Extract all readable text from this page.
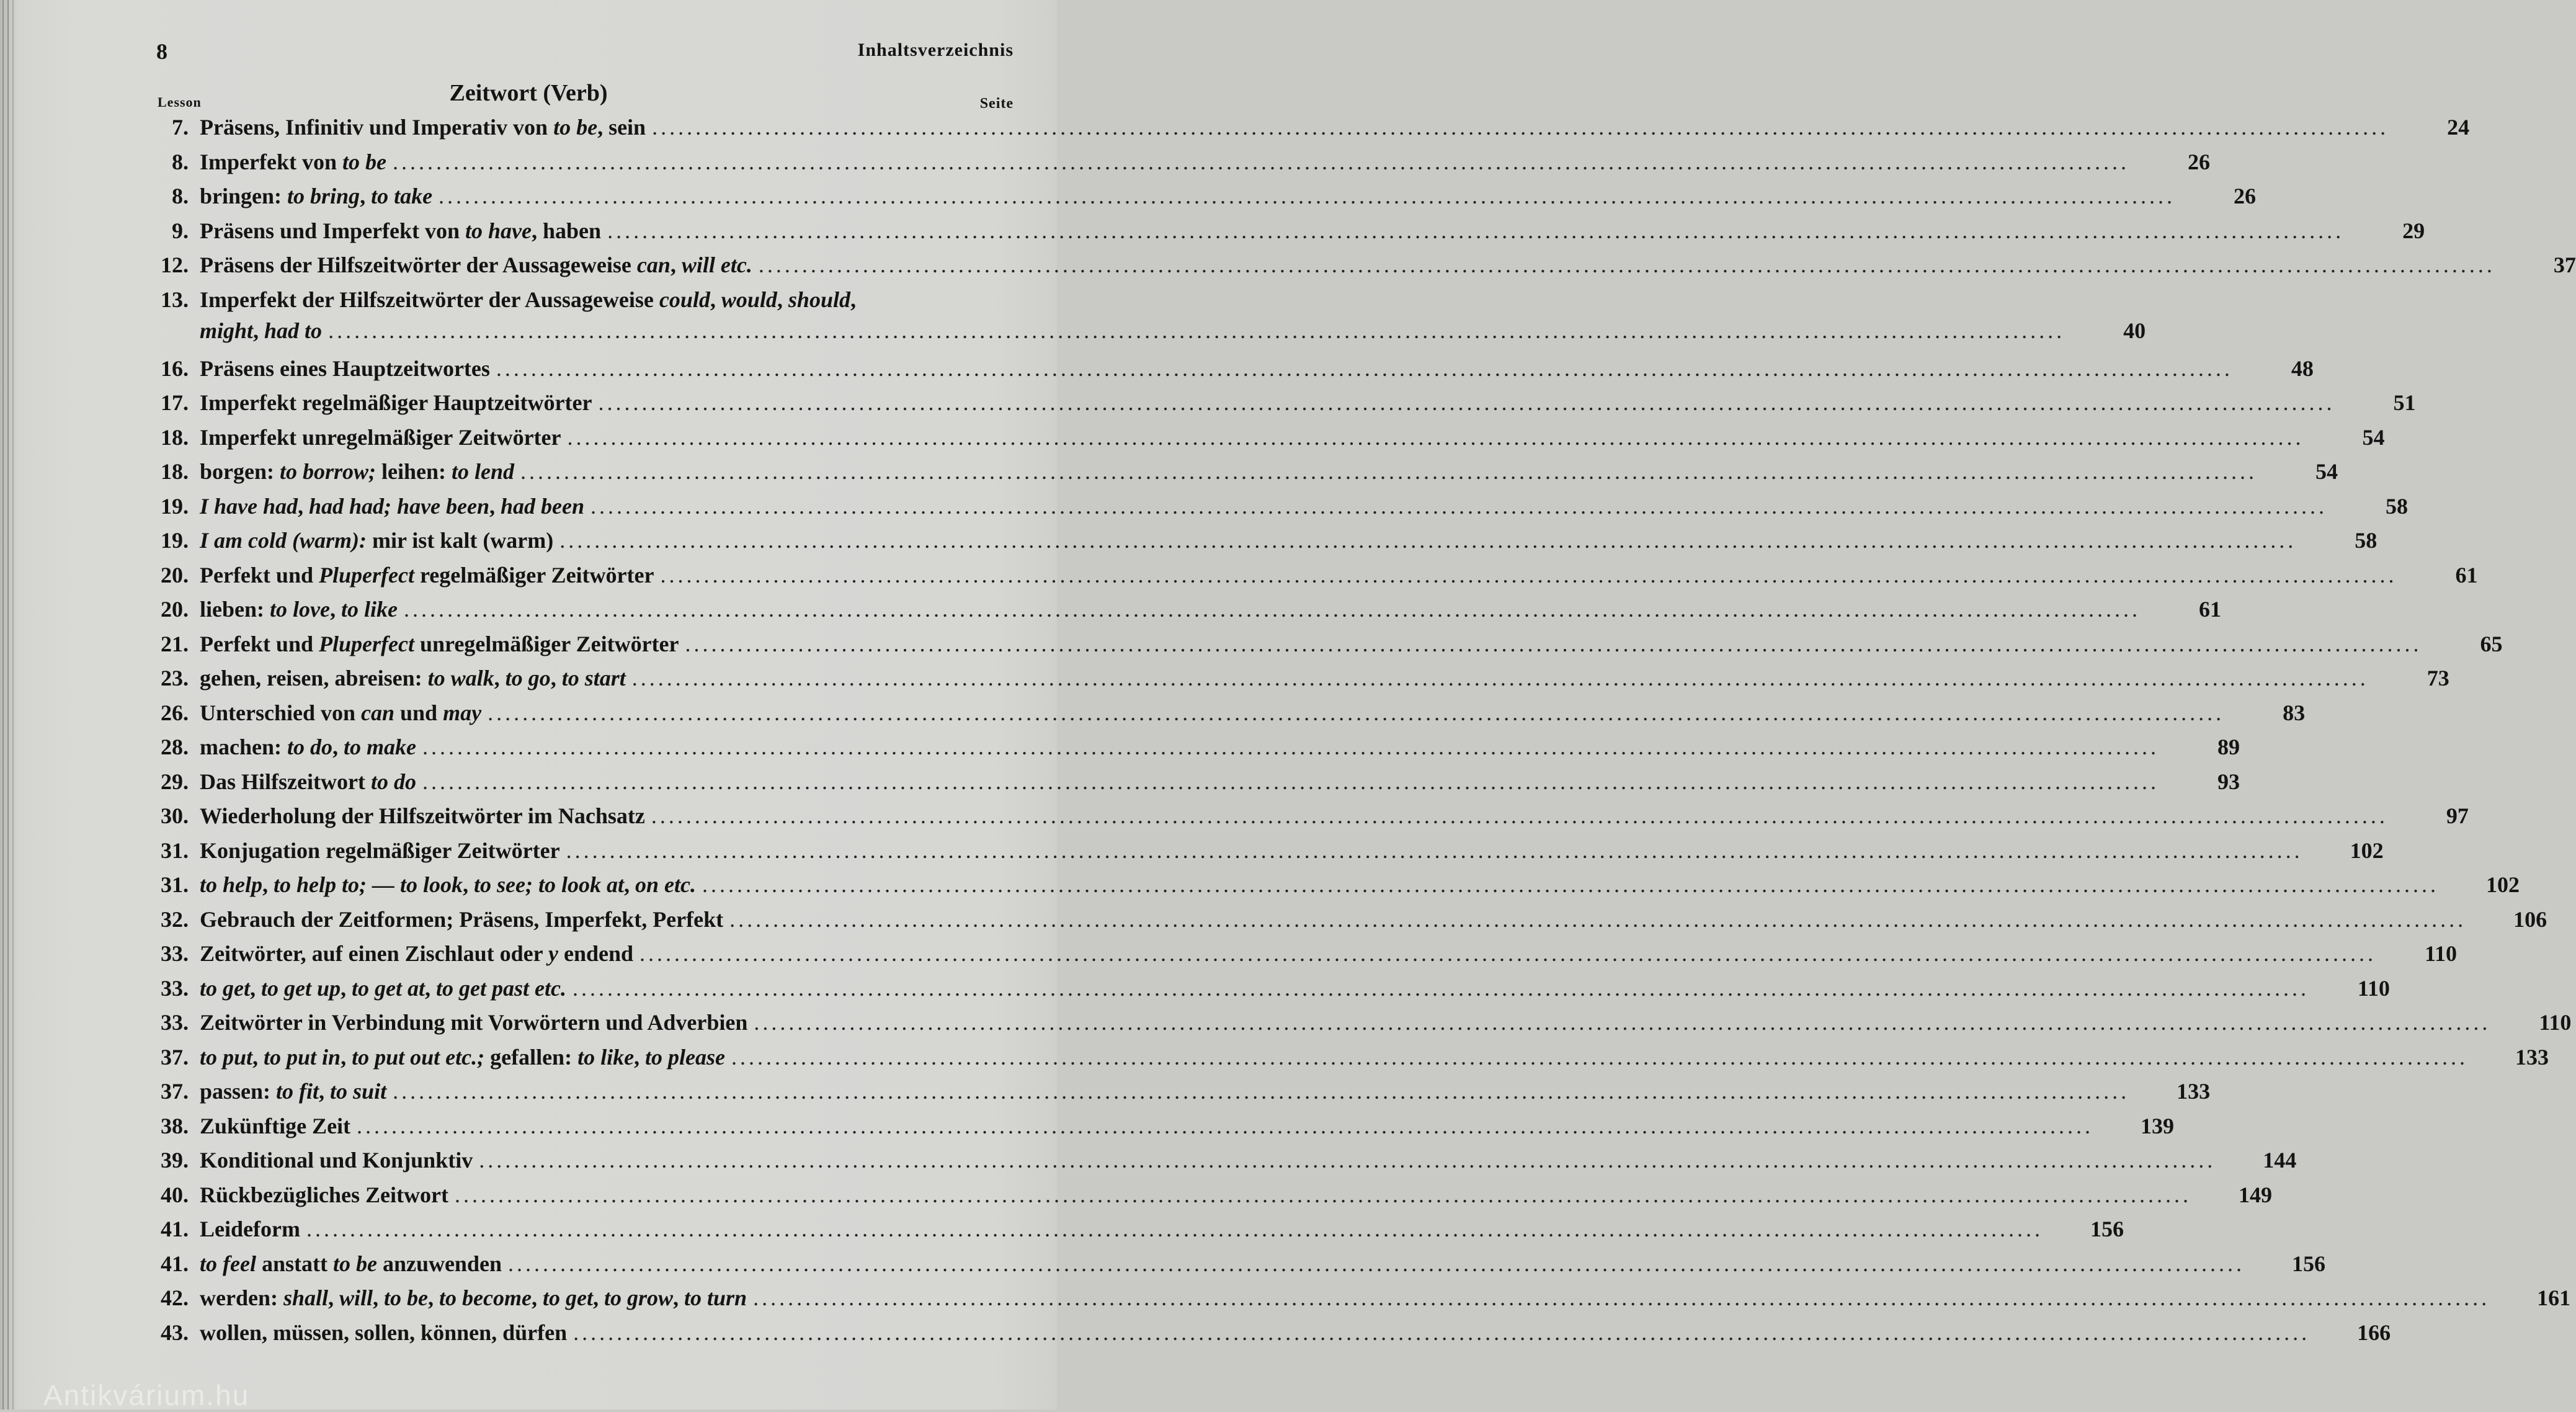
8	Inhaltsverzeichnis
Zeitwort (Verb)
Lesson	Seite
7. Präsens, Infinitiv und Imperativ von to be, sein ........................................................................................................................................................................................................	24
8. Imperfekt von to be ........................................................................................................................................................................................................	26
8. bringen: to bring, to take ........................................................................................................................................................................................................	26
9. Präsens und Imperfekt von to have, haben ........................................................................................................................................................................................................	29
12. Präsens der Hilfszeitwörter der Aussageweise can, will etc. ........................................................................................................................................................................................................	37
13. Imperfekt der Hilfszeitwörter der Aussageweise could, would, should,
might, had to ........................................................................................................................................................................................................	40
16. Präsens eines Hauptzeitwortes ........................................................................................................................................................................................................	48
17. Imperfekt regelmäßiger Hauptzeitwörter ........................................................................................................................................................................................................	51
18. Imperfekt unregelmäßiger Zeitwörter ........................................................................................................................................................................................................	54
18. borgen: to borrow; leihen: to lend ........................................................................................................................................................................................................	54
19. I have had, had had; have been, had been ........................................................................................................................................................................................................	58
19. I am cold (warm): mir ist kalt (warm) ........................................................................................................................................................................................................	58
20. Perfekt und Pluperfect regelmäßiger Zeitwörter ........................................................................................................................................................................................................	61
20. lieben: to love, to like ........................................................................................................................................................................................................	61
21. Perfekt und Pluperfect unregelmäßiger Zeitwörter ........................................................................................................................................................................................................	65
23. gehen, reisen, abreisen: to walk, to go, to start ........................................................................................................................................................................................................	73
26. Unterschied von can und may ........................................................................................................................................................................................................	83
28. machen: to do, to make ........................................................................................................................................................................................................	89
29. Das Hilfszeitwort to do ........................................................................................................................................................................................................	93
30. Wiederholung der Hilfszeitwörter im Nachsatz ........................................................................................................................................................................................................	97
31. Konjugation regelmäßiger Zeitwörter ........................................................................................................................................................................................................	102
31. to help, to help to; — to look, to see; to look at, on etc. ........................................................................................................................................................................................................	102
32. Gebrauch der Zeitformen; Präsens, Imperfekt, Perfekt ........................................................................................................................................................................................................	106
33. Zeitwörter, auf einen Zischlaut oder y endend ........................................................................................................................................................................................................	110
33. to get, to get up, to get at, to get past etc. ........................................................................................................................................................................................................	110
33. Zeitwörter in Verbindung mit Vorwörtern und Adverbien ........................................................................................................................................................................................................	110
37. to put, to put in, to put out etc.; gefallen: to like, to please ........................................................................................................................................................................................................	133
37. passen: to fit, to suit ........................................................................................................................................................................................................	133
38. Zukünftige Zeit ........................................................................................................................................................................................................	139
39. Konditional und Konjunktiv ........................................................................................................................................................................................................	144
40. Rückbezügliches Zeitwort ........................................................................................................................................................................................................	149
41. Leideform ........................................................................................................................................................................................................	156
41. to feel anstatt to be anzuwenden ........................................................................................................................................................................................................	156
42. werden: shall, will, to be, to become, to get, to grow, to turn ........................................................................................................................................................................................................	161
43. wollen, müssen, sollen, können, dürfen ........................................................................................................................................................................................................	166
Antikvárium.hu
